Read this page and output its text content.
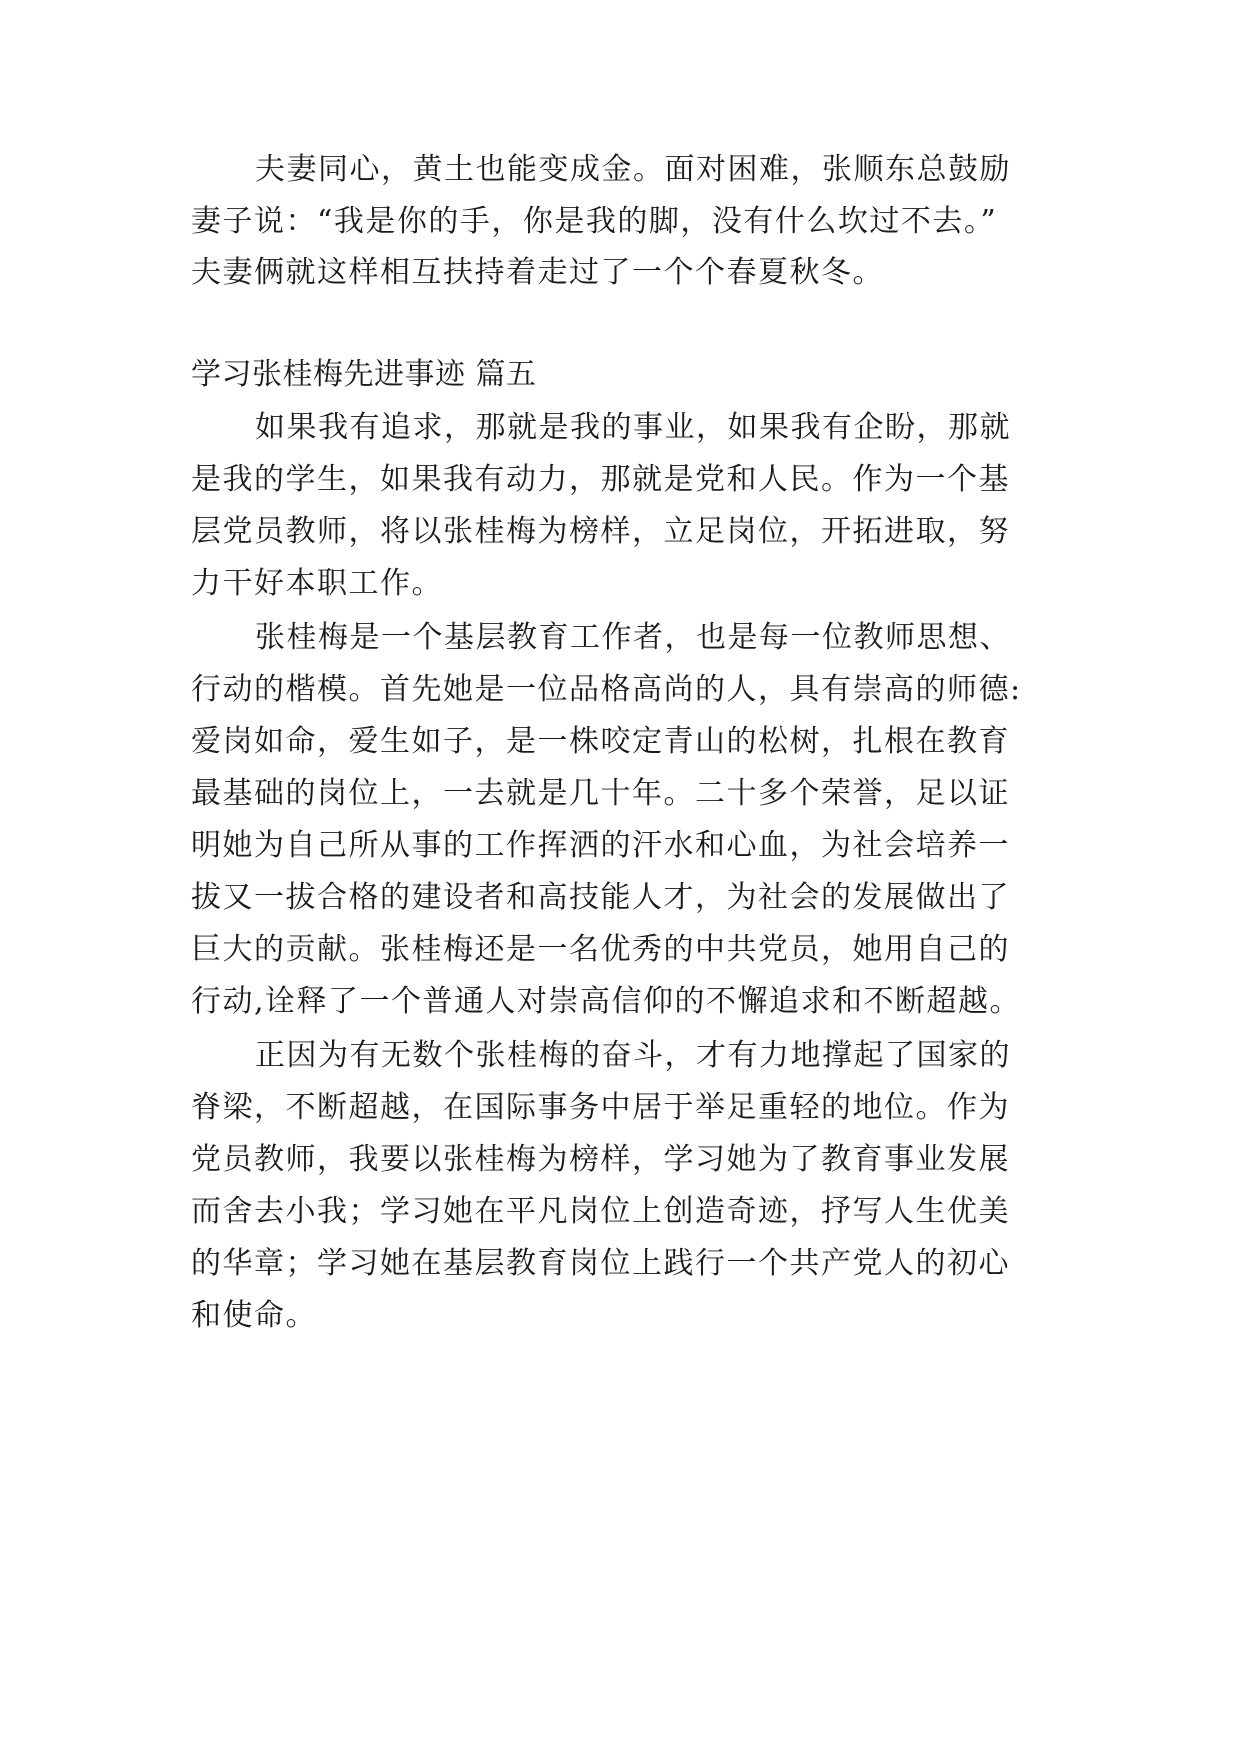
夫妻同心，黄土也能变成金。面对困难，张顺东总鼓励
妻子说：“我是你的手，你是我的脚，没有什么坎过不去。”
夫妻俩就这样相互扶持着走过了一个个春夏秋冬。
学习张桂梅先进事迹 篇五
如果我有追求，那就是我的事业，如果我有企盼，那就
是我的学生，如果我有动力，那就是党和人民。作为一个基
层党员教师，将以张桂梅为榜样，立足岗位，开拓进取，努
力干好本职工作。
张桂梅是一个基层教育工作者，也是每一位教师思想、
行动的楷模。首先她是一位品格高尚的人，具有崇高的师德:
爱岗如命，爱生如子，是一株咬定青山的松树，扎根在教育
最基础的岗位上，一去就是几十年。二十多个荣誉，足以证
明她为自己所从事的工作挥洒的汗水和心血，为社会培养一
拔又一拔合格的建设者和高技能人才，为社会的发展做出了
巨大的贡献。张桂梅还是一名优秀的中共党员，她用自己的
行动,诠释了一个普通人对崇高信仰的不懈追求和不断超越。
正因为有无数个张桂梅的奋斗，才有力地撑起了国家的
脊梁，不断超越，在国际事务中居于举足重轻的地位。作为
党员教师，我要以张桂梅为榜样，学习她为了教育事业发展
而舍去小我；学习她在平凡岗位上创造奇迹，抒写人生优美
的华章；学习她在基层教育岗位上践行一个共产党人的初心
和使命。
